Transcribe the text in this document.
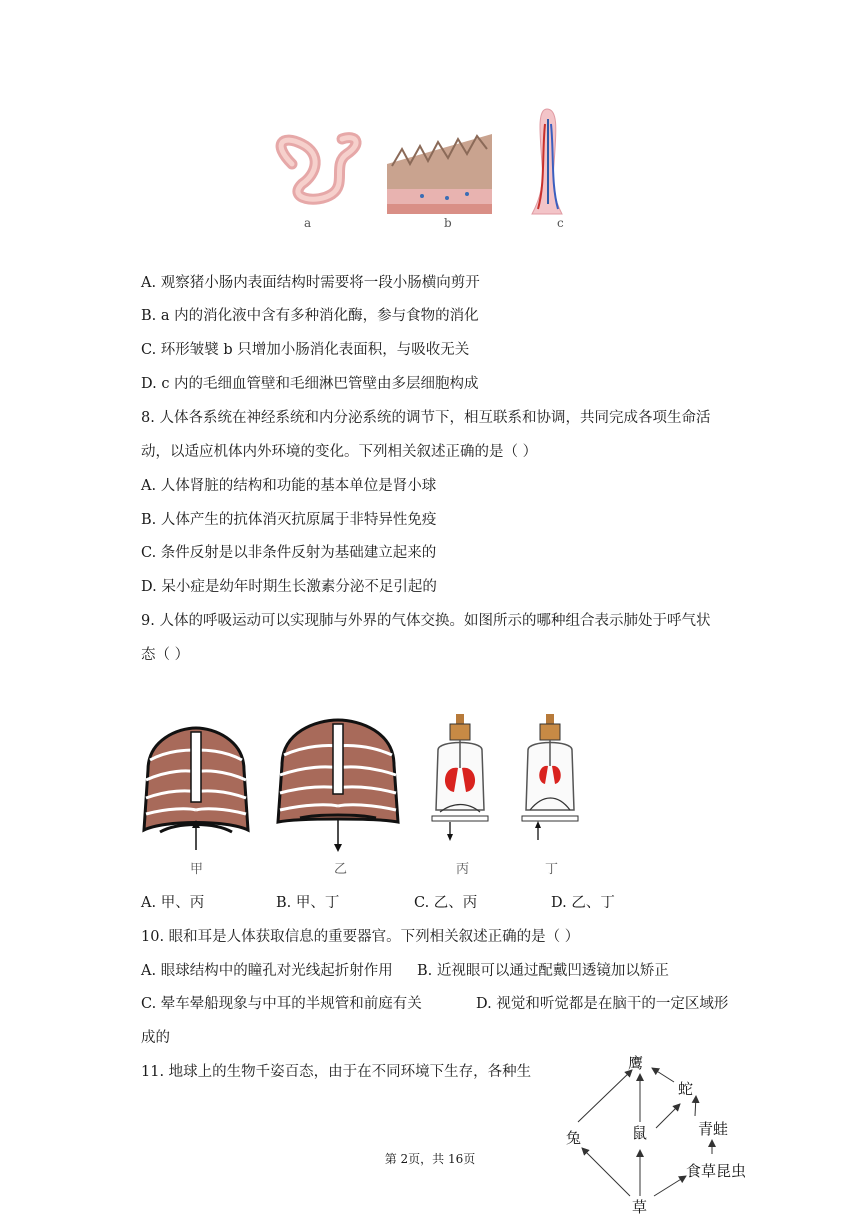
a	b	c
A. 观察猪小肠内表面结构时需要将一段小肠横向剪开
B. a 内的消化液中含有多种消化酶，参与食物的消化
C. 环形皱襞 b 只增加小肠消化表面积，与吸收无关
D. c 内的毛细血管壁和毛细淋巴管壁由多层细胞构成
8. 人体各系统在神经系统和内分泌系统的调节下，相互联系和协调，共同完成各项生命活
动，以适应机体内外环境的变化。下列相关叙述正确的是（ ）
A. 人体肾脏的结构和功能的基本单位是肾小球
B. 人体产生的抗体消灭抗原属于非特异性免疫
C. 条件反射是以非条件反射为基础建立起来的
D. 呆小症是幼年时期生长激素分泌不足引起的
9. 人体的呼吸运动可以实现肺与外界的气体交换。如图所示的哪种组合表示肺处于呼气状
态（ ）
甲	乙	丙	丁
A. 甲、丙	B. 甲、丁	C. 乙、丙	D. 乙、丁
10. 眼和耳是人体获取信息的重要器官。下列相关叙述正确的是（ ）
A. 眼球结构中的瞳孔对光线起折射作用 B. 近视眼可以通过配戴凹透镜加以矫正
C. 晕车晕船现象与中耳的半规管和前庭有关	D. 视觉和听觉都是在脑干的一定区域形
成的
11. 地球上的生物千姿百态，由于在不同环境下生存，各种生	鹰
蛇
青蛙
兔	鼠
食草昆虫
草
第 2页，共 16页
